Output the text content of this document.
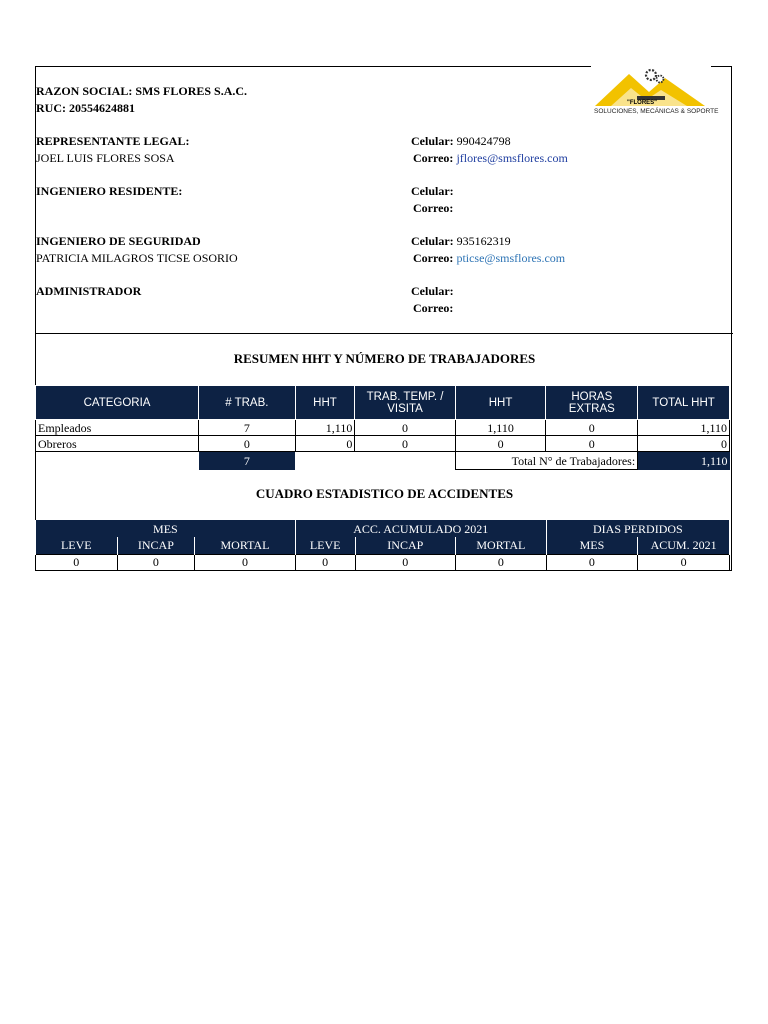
"FLORES"
SOLUCIONES, MECÁNICAS & SOPORTE
RAZON SOCIAL: SMS FLORES S.A.C.
RUC: 20554624881
REPRESENTANTE LEGAL:
JOEL LUIS FLORES SOSA
Celular: 990424798
Correo: jflores@smsflores.com
INGENIERO RESIDENTE:	Celular:
Correo:
INGENIERO DE SEGURIDAD
PATRICIA MILAGROS TICSE OSORIO
Celular: 935162319
Correo: pticse@smsflores.com
ADMINISTRADOR	Celular:
Correo:
RESUMEN HHT Y NÚMERO DE TRABAJADORES
CATEGORIA	# TRAB.	HHT	TRAB. TEMP. / VISITA	HHT	HORAS EXTRAS	TOTAL HHT
Empleados	7	1,110	0	1,110	0	1,110
Obreros	0	0	0	0	0	0
	7			Total N° de Trabajadores:		1,110
CUADRO ESTADISTICO DE ACCIDENTES
MES			ACC. ACUMULADO 2021			DIAS PERDIDOS	
LEVE	INCAP	MORTAL	LEVE	INCAP	MORTAL	MES	ACUM. 2021
0	0	0	0	0	0	0	0
